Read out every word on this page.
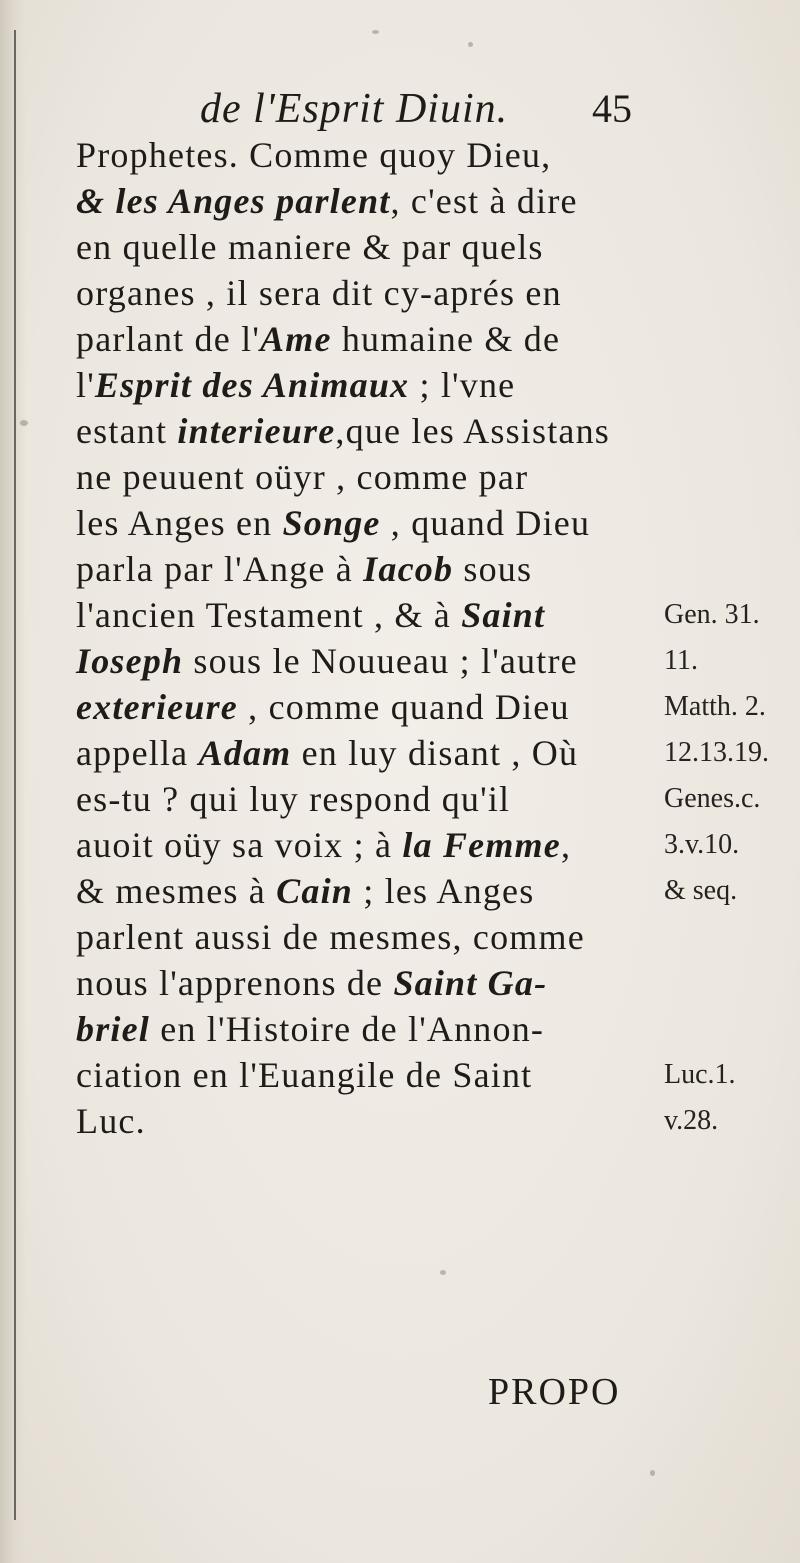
de l'Esprit Diuin.	45
Prophetes. Comme quoy Dieu,
& les Anges parlent, c'est à dire
en quelle maniere & par quels
organes , il sera dit cy-aprés en
parlant de l'Ame humaine & de
l'Esprit des Animaux ; l'vne
estant interieure,que les Assistans
ne peuuent oüyr , comme par
les Anges en Songe , quand Dieu
parla par l'Ange à Iacob sous
l'ancien Testament , & à Saint
Ioseph sous le Nouueau ; l'autre
exterieure , comme quand Dieu
appella Adam en luy disant , Où
es-tu ? qui luy respond qu'il
auoit oüy sa voix ; à la Femme,
& mesmes à Cain ; les Anges
parlent aussi de mesmes, comme
nous l'apprenons de Saint Ga-
briel en l'Histoire de l'Annon-
ciation en l'Euangile de Saint
Luc.
Gen. 31.
11.
Matth. 2.
12.13.19.
Genes.c.
3.v.10.
& seq.
Luc.1.
v.28.
PROPO
